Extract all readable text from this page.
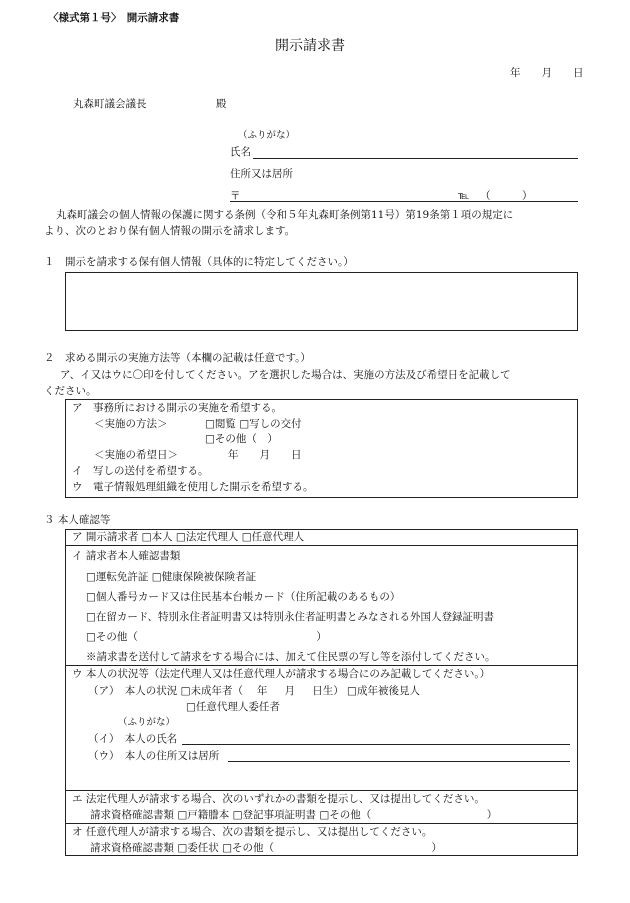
〈様式第１号〉　開示請求書
開示請求書
年　　月　　日
丸森町議会議長	殿
（ふりがな）
氏名
住所又は居所
〒	℡ （　　　）
丸森町議会の個人情報の保護に関する条例（令和５年丸森町条例第11号）第19条第１項の規定に
より、次のとおり保有個人情報の開示を請求します。
１　開示を請求する保有個人情報（具体的に特定してください。）
２　求める開示の実施方法等（本欄の記載は任意です。）
ア、イ又はウに〇印を付してください。アを選択した場合は、実施の方法及び希望日を記載して
ください。
ア　事務所における開示の実施を希望する。
＜実施の方法＞	□閲覧 □写しの交付
□その他（　）
＜実施の希望日＞	年　　月　　日
イ　写しの送付を希望する。
ウ　電子情報処理組織を使用した開示を希望する。
３ 本人確認等
ア 開示請求者 □本人 □法定代理人 □任意代理人
イ 請求者本人確認書類
□運転免許証 □健康保険被保険者証
□個人番号カード又は住民基本台帳カード（住所記載のあるもの）
□在留カード、特別永住者証明書又は特別永住者証明書とみなされる外国人登録証明書
□その他（　　　　　　　　　　　　　　　　　）
※請求書を送付して請求をする場合には、加えて住民票の写し等を添付してください。
ウ 本人の状況等（法定代理人又は任意代理人が請求する場合にのみ記載してください。）
（ア）　本人の状況 □未成年者（　 年 　 月 　 日生） □成年被後見人
□任意代理人委任者
（ふりがな）
（イ）　本人の氏名
（ウ）　本人の住所又は居所
エ 法定代理人が請求する場合、次のいずれかの書類を提示し、又は提出してください。
請求資格確認書類 □戸籍謄本 □登記事項証明書 □その他（　　　　　　　　　　　）
オ 任意代理人が請求する場合、次の書類を提示し、又は提出してください。
請求資格確認書類 □委任状 □その他（　　　　　　　　　　　　　　　）
